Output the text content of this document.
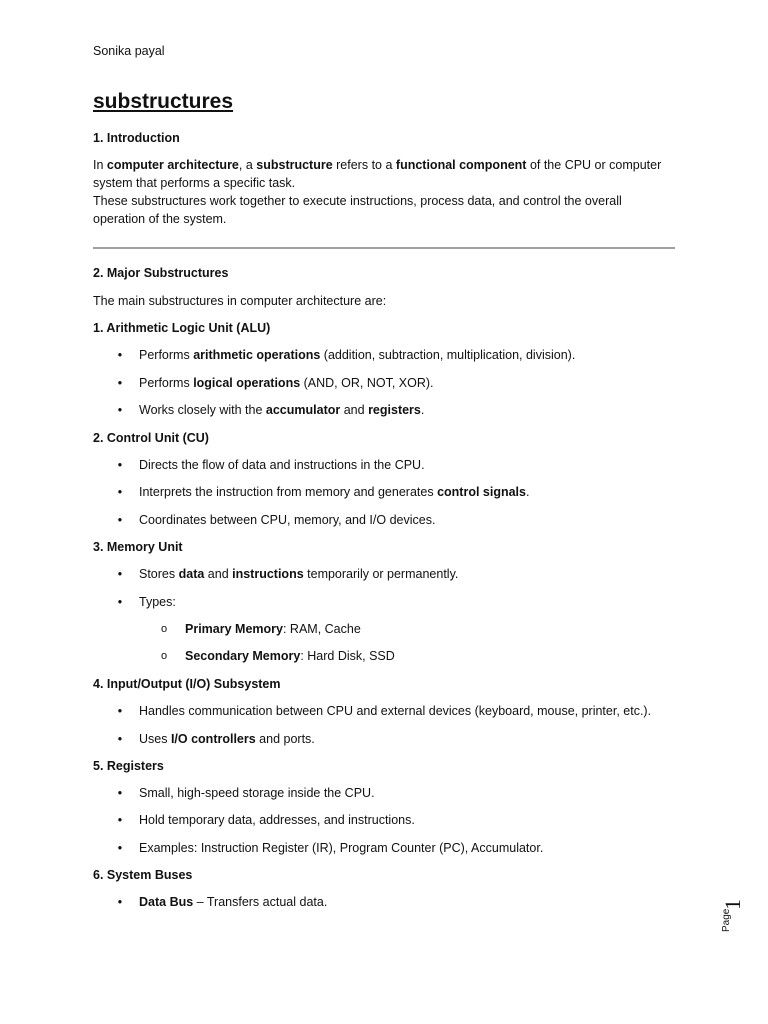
Sonika payal
substructures
1. Introduction
In computer architecture, a substructure refers to a functional component of the CPU or computer
system that performs a specific task.
These substructures work together to execute instructions, process data, and control the overall
operation of the system.
2. Major Substructures
The main substructures in computer architecture are:
1. Arithmetic Logic Unit (ALU)
• Performs arithmetic operations (addition, subtraction, multiplication, division).
• Performs logical operations (AND, OR, NOT, XOR).
• Works closely with the accumulator and registers.
2. Control Unit (CU)
• Directs the flow of data and instructions in the CPU.
• Interprets the instruction from memory and generates control signals.
• Coordinates between CPU, memory, and I/O devices.
3. Memory Unit
• Stores data and instructions temporarily or permanently.
• Types:
o Primary Memory: RAM, Cache
o Secondary Memory: Hard Disk, SSD
4. Input/Output (I/O) Subsystem
• Handles communication between CPU and external devices (keyboard, mouse, printer, etc.).
• Uses I/O controllers and ports.
5. Registers
• Small, high-speed storage inside the CPU.
• Hold temporary data, addresses, and instructions.
• Examples: Instruction Register (IR), Program Counter (PC), Accumulator.
6. System Buses
• Data Bus – Transfers actual data.
Page
1
